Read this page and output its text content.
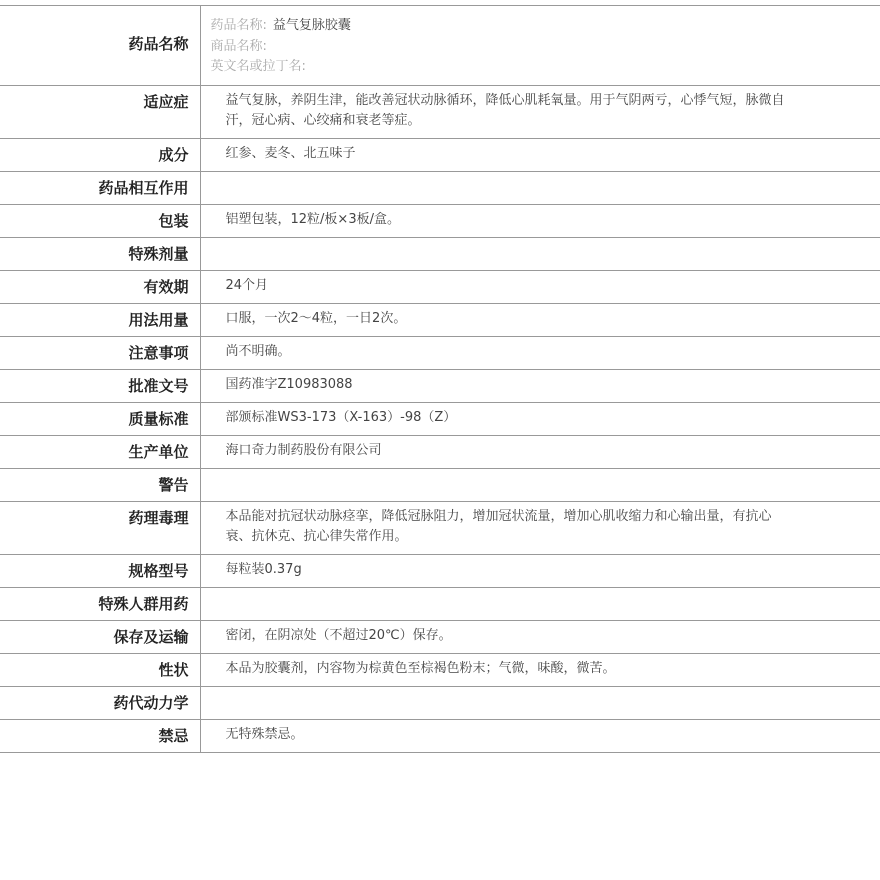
药品名称	药品名称: 益气复脉胶囊
商品名称:
英文名或拉丁名:

适应症	益气复脉，养阴生津，能改善冠状动脉循环，降低心肌耗氧量。用于气阴两亏，心悸气短，脉微自汗，冠心病、心绞痛和衰老等症。

成分	红参、麦冬、北五味子

药品相互作用	

包装	铝塑包装，12粒/板×3板/盒。

特殊剂量	

有效期	24个月

用法用量	口服，一次2～4粒，一日2次。

注意事项	尚不明确。

批准文号	国药准字Z10983088

质量标准	部颁标准WS3-173（X-163）-98（Z）

生产单位	海口奇力制药股份有限公司

警告	

药理毒理	本品能对抗冠状动脉痉挛，降低冠脉阻力，增加冠状流量，增加心肌收缩力和心输出量，有抗心衰、抗休克、抗心律失常作用。

规格型号	每粒装0.37g

特殊人群用药	

保存及运输	密闭，在阴凉处（不超过20℃）保存。

性状	本品为胶囊剂，内容物为棕黄色至棕褐色粉末；气微，味酸，微苦。

药代动力学	

禁忌	无特殊禁忌。
